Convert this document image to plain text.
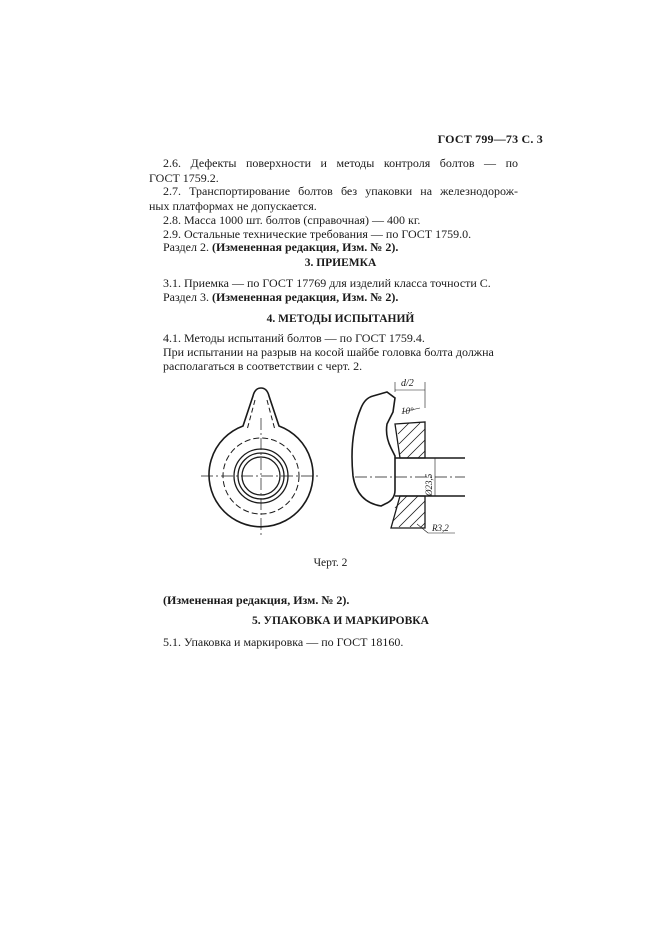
ГОСТ 799—73 С. 3
2.6. Дефекты поверхности и методы контроля болтов — по
ГОСТ 1759.2.
2.7. Транспортирование болтов без упаковки на железнодорож-
ных платформах не допускается.
2.8. Масса 1000 шт. болтов (справочная) — 400 кг.
2.9. Остальные технические требования — по ГОСТ 1759.0.
Раздел 2. (Измененная редакция, Изм. № 2).
3. ПРИЕМКА
3.1. Приемка — по ГОСТ 17769 для изделий класса точности С.
Раздел 3. (Измененная редакция, Изм. № 2).
4. МЕТОДЫ ИСПЫТАНИЙ
4.1. Методы испытаний болтов — по ГОСТ 1759.4.
При испытании на разрыв на косой шайбе головка болта должна
располагаться в соответствии с черт. 2.
d/2
10°
Ø23,5
R3,2
Черт. 2
(Измененная редакция, Изм. № 2).
5. УПАКОВКА И МАРКИРОВКА
5.1. Упаковка и маркировка — по ГОСТ 18160.
